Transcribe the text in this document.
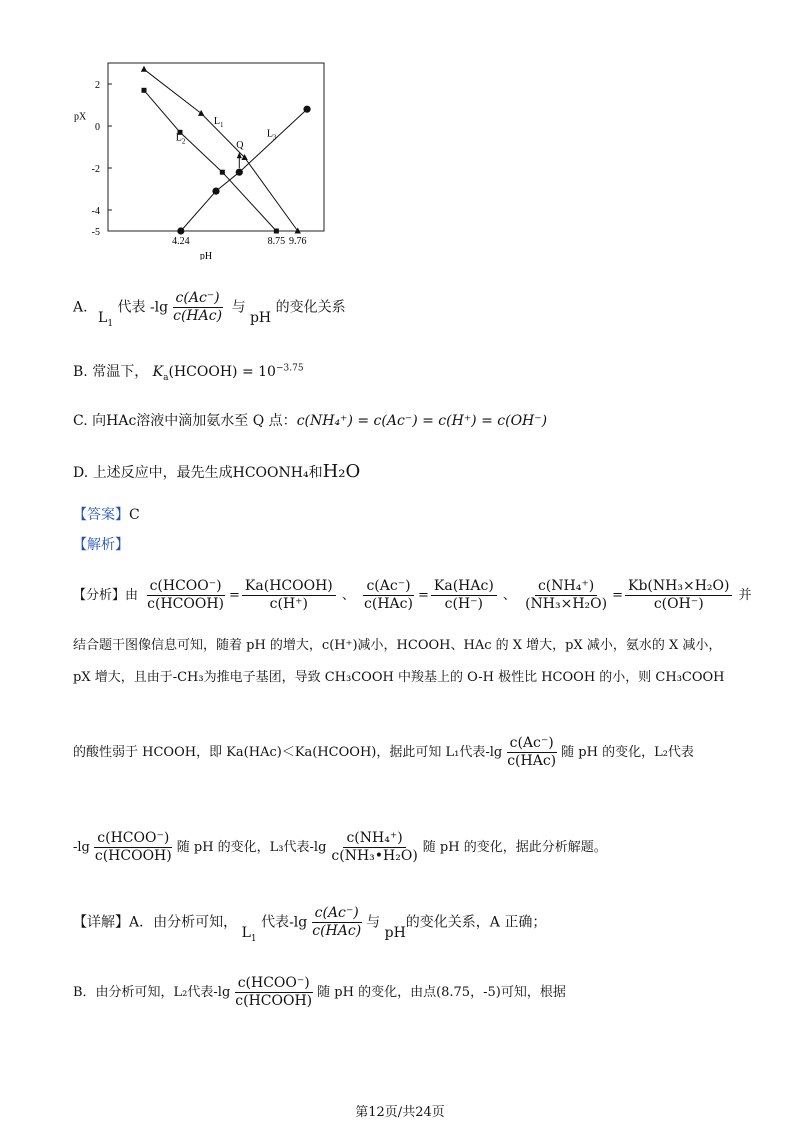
2
0
-2
-4
-5
4.24	8.75 9.76
pH
pX	$L_1$
$L_2$
$L_3$
Q
A. $L_1$ 代表 $-\lg \frac{c(Ac^-)}{\text{c(HAc)}}$ 与 pH 的变化关系
B. 常温下， $K_a(HCOOH) = 10^{-3.75}$
C. 向HAc溶液中滴加氨水至 Q 点：c(NH₄⁺) = c(Ac⁻) = c(H⁺) = c(OH⁻)
D. 上述反应中，最先生成HCOONH₄和H₂O
【答案】C
【解析】
【分析】由 $\frac{\text{c(HCOO⁻)}}{\text{c(HCOOH)}} = \frac{\text{Ka(HCOOH)}}{c(H^+)}$ 、 $\frac{c(Ac^-)}{\text{c(HAc)}} = \frac{\text{Ka(HAc)}}{c(H^-)}$ 、 $\frac{\text{c(NH₄⁺)}}{\text{(NH₃×H₂O)}} = \frac{\text{Kb(NH₃×H₂O)}}{c(OH^-)}$ 并
结合题干图像信息可知，随着 pH 的增大，c(H⁺)减小，HCOOH、HAc 的 X 增大，pX 减小，氨水的 X 减小，
pX 增大，且由于-CH₃为推电子基团，导致 CH₃COOH 中羧基上的 O-H 极性比 HCOOH 的小，则 CH₃COOH
的酸性弱于 HCOOH，即 Ka(HAc)＜Ka(HCOOH)，据此可知 L₁代表$-\lg \frac{c(Ac^-)}{\text{c(HAc)}}$ 随 pH 的变化，L₂代表
$-\lg \frac{\text{c(HCOO⁻)}}{\text{c(HCOOH)}}$ 随 pH 的变化，L₃代表$-\lg \frac{\text{c(NH₄⁺)}}{\text{c(NH₃•H₂O)}}$ 随 pH 的变化，据此分析解题。
【详解】A．由分析可知， $L_1$ 代表$-\lg \frac{c(Ac^-)}{\text{c(HAc)}}$ 与 pH的变化关系，A 正确；
B．由分析可知，L₂代表$-\lg \frac{\text{c(HCOO⁻)}}{\text{c(HCOOH)}}$ 随 pH 的变化，由点(8.75，-5)可知，根据
第12页/共24页
